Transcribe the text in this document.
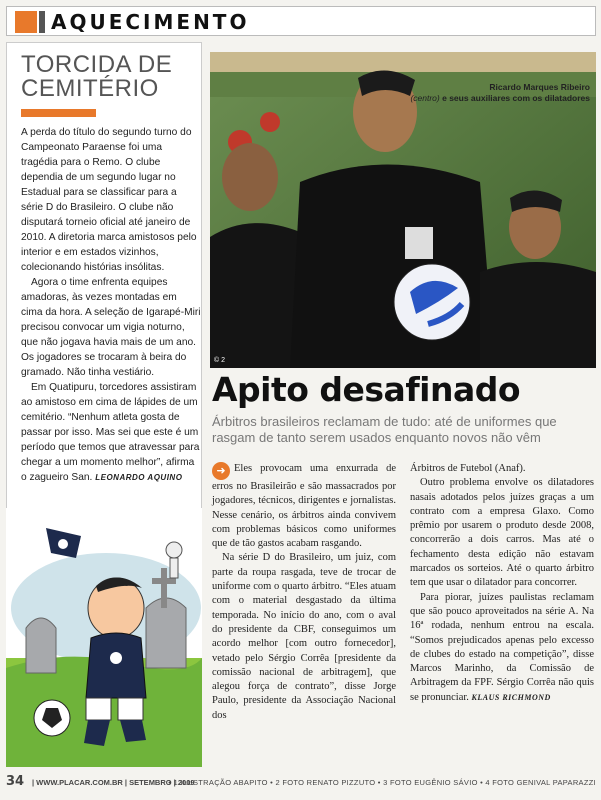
AQUECIMENTO
TORCIDA DE
CEMITÉRIO

A perda do título do segundo turno do Campeonato Paraense foi uma tragédia para o Remo. O clube dependia de um segundo lugar no Estadual para se classificar para a série D do Brasileiro. O clube não disputará torneio oficial até janeiro de 2010. A diretoria marca amistosos pelo interior e em estados vizinhos, colecionando histórias insólitas.

Agora o time enfrenta equipes amadoras, às vezes montadas em cima da hora. A seleção de Igarapé-Miri precisou convocar um vigia noturno, que não jogava havia mais de um ano. Os jogadores se trocaram à beira do gramado. Não tinha vestiário.

Em Quatipuru, torcedores assistiram ao amistoso em cima de lápides de um cemitério. “Nenhum atleta gosta de passar por isso. Mas sei que este é um período que temos que atravessar para chegar a um momento melhor”, afirma o zagueiro San. LEONARDO AQUINO

Ricardo Marques Ribeiro
(centro) e seus auxiliares com os dilatadores
© 2
Apito desafinado
Árbitros brasileiros reclamam de tudo: até de uniformes que rasgam de tanto serem usados enquanto novos não vêm

➜ Eles provocam uma enxurrada de erros no Brasileirão e são massacrados por jogadores, técnicos, dirigentes e jornalistas. Nesse cenário, os árbitros ainda convivem com problemas básicos como uniformes que de tão gastos acabam rasgando.

Na série D do Brasileiro, um juiz, com parte da roupa rasgada, teve de trocar de uniforme com o quarto árbitro. “Eles atuam com o material desgastado da última temporada. No início do ano, com o aval do presidente da CBF, conseguimos um acordo melhor [com outro fornecedor], vetado pelo Sérgio Corrêa [presidente da comissão nacional de arbitragem], que alegou força de contrato”, disse Jorge Paulo, presidente da Associação Nacional dos

Árbitros de Futebol (Anaf).

Outro problema envolve os dilatadores nasais adotados pelos juízes graças a um contrato com a empresa Glaxo. Como prêmio por usarem o produto desde 2008, concorrerão a dois carros. Mas até o fechamento desta edição não estavam marcados os sorteios. Até o quarto árbitro tem que usar o dilatador para concorrer.

Para piorar, juízes paulistas reclamam que são pouco aproveitados na série A. Na 16ª rodada, nenhum entrou na escala. “Somos prejudicados apenas pelo excesso de clubes do estado na competição”, disse Marcos Marinho, da Comissão de Arbitragem da FPF. Sérgio Corrêa não quis se pronunciar. KLAUS RICHMOND

34 | WWW.PLACAR.COM.BR | SETEMBRO | 2009
• 1 ILUSTRAÇÃO ABAPITO • 2 FOTO RENATO PIZZUTO • 3 FOTO EUGÊNIO SÁVIO • 4 FOTO GENIVAL PAPARAZZI
